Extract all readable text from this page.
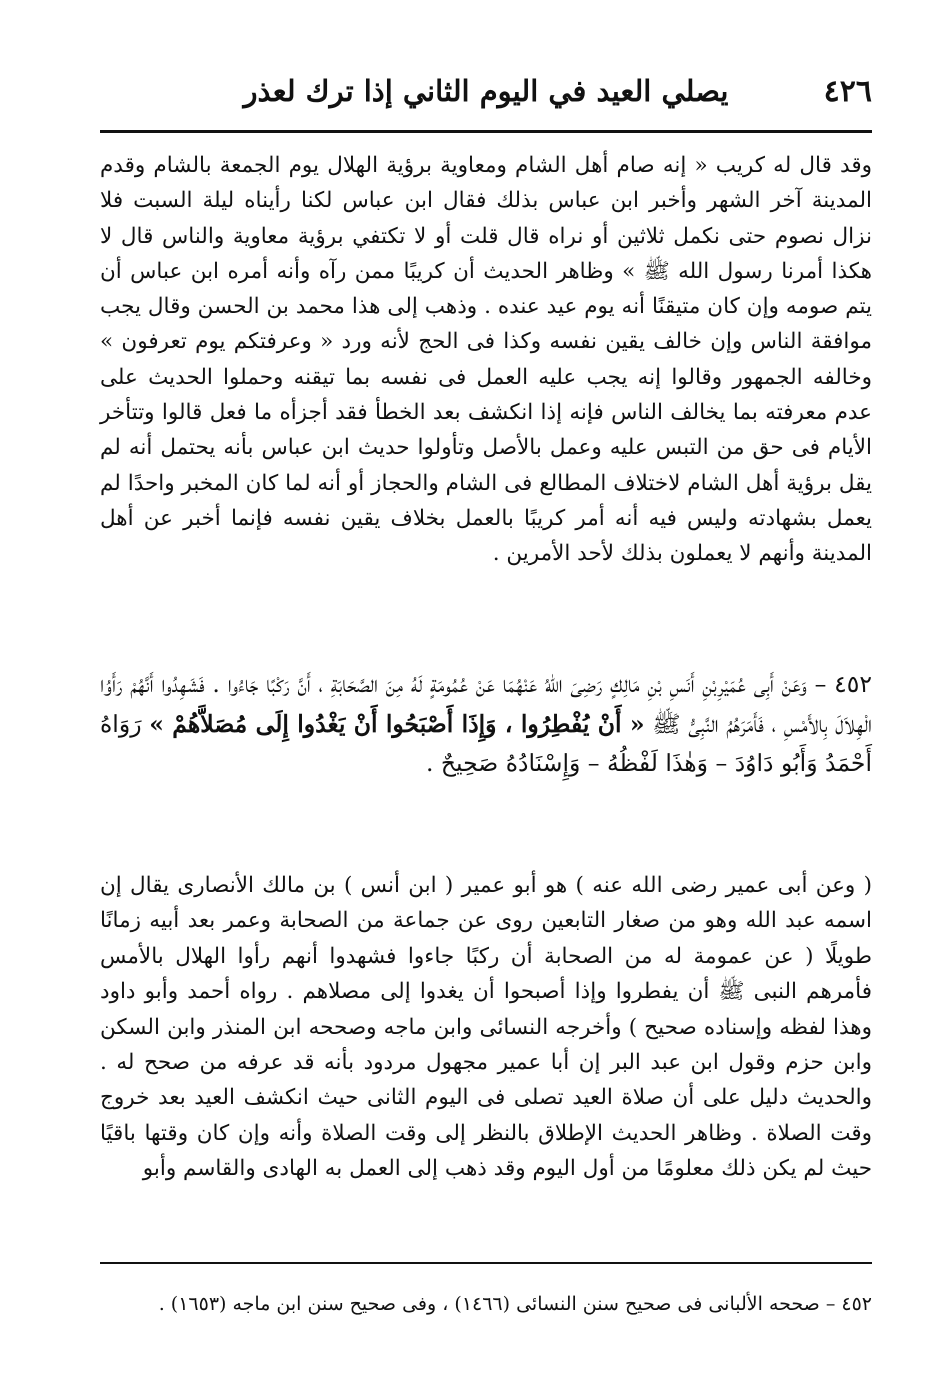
٤٢٦
يصلي العيد في اليوم الثاني إذا ترك لعذر

وقد قال له كريب « إنه صام أهل الشام ومعاوية برؤية الهلال يوم الجمعة بالشام وقدم المدينة آخر الشهر وأخبر ابن عباس بذلك فقال ابن عباس لكنا رأيناه ليلة السبت فلا نزال نصوم حتى نكمل ثلاثين أو نراه قال قلت أو لا تكتفي برؤية معاوية والناس قال لا هكذا أمرنا رسول الله ﷺ » وظاهر الحديث أن كريبًا ممن رآه وأنه أمره ابن عباس أن يتم صومه وإن كان متيقنًا أنه يوم عيد عنده . وذهب إلى هذا محمد بن الحسن وقال يجب موافقة الناس وإن خالف يقين نفسه وكذا فى الحج لأنه ورد « وعرفتكم يوم تعرفون » وخالفه الجمهور وقالوا إنه يجب عليه العمل فى نفسه بما تيقنه وحملوا الحديث على عدم معرفته بما يخالف الناس فإنه إذا انكشف بعد الخطأ فقد أجزأه ما فعل قالوا وتتأخر الأيام فى حق من التبس عليه وعمل بالأصل وتأولوا حديث ابن عباس بأنه يحتمل أنه لم يقل برؤية أهل الشام لاختلاف المطالع فى الشام والحجاز أو أنه لما كان المخبر واحدًا لم يعمل بشهادته وليس فيه أنه أمر كريبًا بالعمل بخلاف يقين نفسه فإنما أخبر عن أهل المدينة وأنهم لا يعملون بذلك لأحد الأمرين .

٤٥٢ – وَعَنْ أَبِى عُمَيْرِبْنِ أَنَسِ بْنِ مَالِكٍ رَضِىَ اللهُ عَنْهُمَا عَنْ عُمُومَةٍ لَهُ مِنَ الصَّحَابَةِ ، أَنَّ رَكْبًا جَاءُوا . فَشَهِدُوا أَنَّهُمْ رَأَوُا الْهِلاَلَ بِالأَمْسِ ، فَأَمَرَهُمُ النَّبِىُّ ﷺ « أَنْ يُفْطِرُوا ، وَإِذَا أَصْبَحُوا أَنْ يَغْدُوا إِلَى مُصَلاَّهُمْ » رَوَاهُ أَحْمَدُ وَأَبُو دَاوُدَ – وَهٰذَا لَفْظُهُ – وَإِسْنَادُهُ صَحِيحٌ .

( وعن أبى عمير رضى الله عنه ) هو أبو عمير ( ابن أنس ) بن مالك الأنصارى يقال إن اسمه عبد الله وهو من صغار التابعين روى عن جماعة من الصحابة وعمر بعد أبيه زمانًا طويلًا ( عن عمومة له من الصحابة أن ركبًا جاءوا فشهدوا أنهم رأوا الهلال بالأمس فأمرهم النبى ﷺ أن يفطروا وإذا أصبحوا أن يغدوا إلى مصلاهم . رواه أحمد وأبو داود وهذا لفظه وإسناده صحيح ) وأخرجه النسائى وابن ماجه وصححه ابن المنذر وابن السكن وابن حزم وقول ابن عبد البر إن أبا عمير مجهول مردود بأنه قد عرفه من صحح له . والحديث دليل على أن صلاة العيد تصلى فى اليوم الثانى حيث انكشف العيد بعد خروج وقت الصلاة . وظاهر الحديث الإطلاق بالنظر إلى وقت الصلاة وأنه وإن كان وقتها باقيًا حيث لم يكن ذلك معلومًا من أول اليوم وقد ذهب إلى العمل به الهادى والقاسم وأبو

٤٥٢ – صححه الألبانى فى صحيح سنن النسائى (١٤٦٦) ، وفى صحيح سنن ابن ماجه (١٦٥٣) .
